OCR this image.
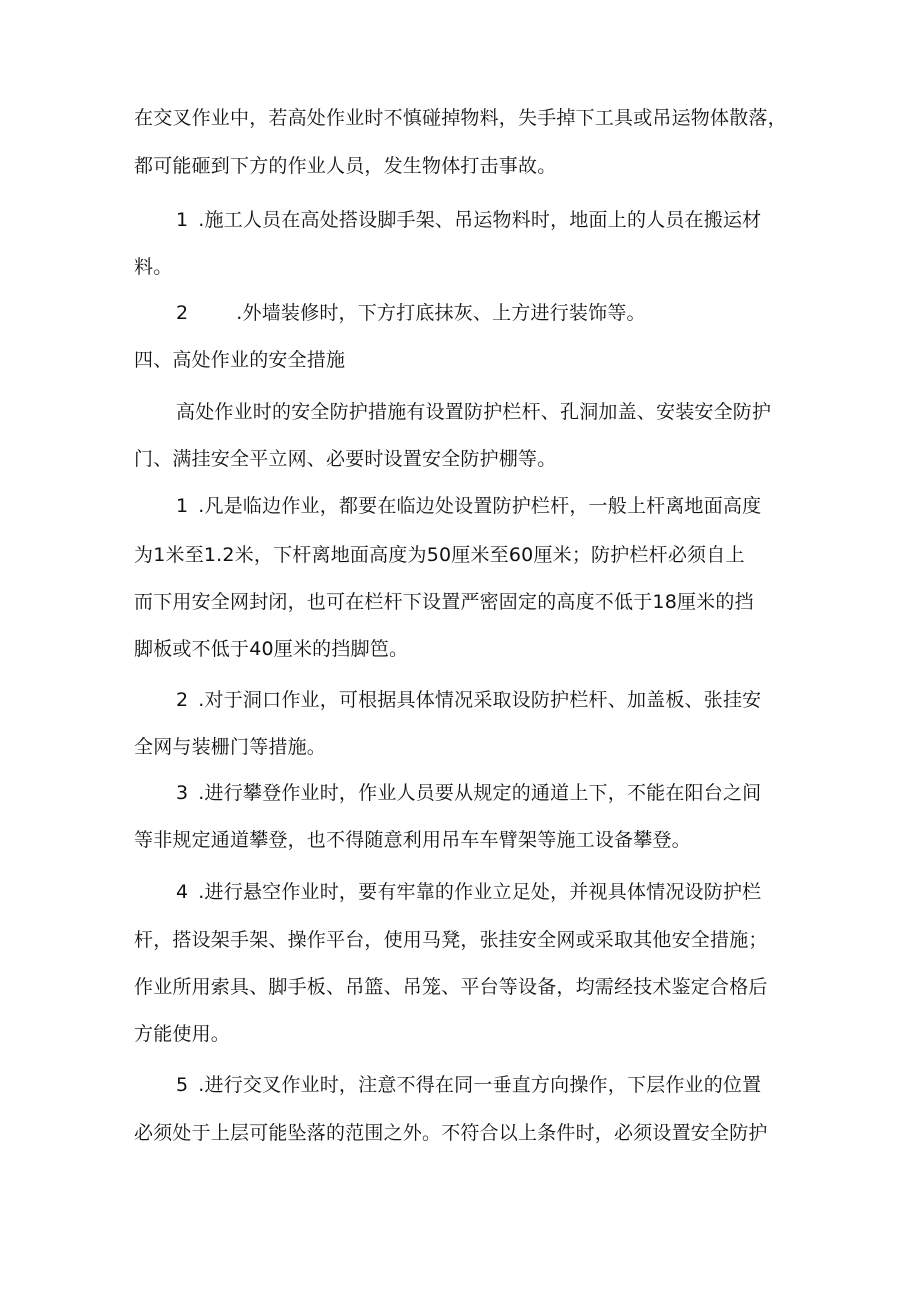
在交叉作业中，若高处作业时不慎碰掉物料，失手掉下工具或吊运物体散落，
都可能砸到下方的作业人员，发生物体打击事故。
1 .施工人员在高处搭设脚手架、吊运物料时，地面上的人员在搬运材
料。
2	.外墙装修时，下方打底抹灰、上方进行装饰等。
四、高处作业的安全措施
高处作业时的安全防护措施有设置防护栏杆、孔洞加盖、安装安全防护
门、满挂安全平立网、必要时设置安全防护棚等。
1 .凡是临边作业，都要在临边处设置防护栏杆，一般上杆离地面高度
为1米至1.2米，下杆离地面高度为50厘米至60厘米；防护栏杆必须自上
而下用安全网封闭，也可在栏杆下设置严密固定的高度不低于18厘米的挡
脚板或不低于40厘米的挡脚笆。
2 .对于洞口作业，可根据具体情况采取设防护栏杆、加盖板、张挂安
全网与装栅门等措施。
3 .进行攀登作业时，作业人员要从规定的通道上下，不能在阳台之间
等非规定通道攀登，也不得随意利用吊车车臂架等施工设备攀登。
4 .进行悬空作业时，要有牢靠的作业立足处，并视具体情况设防护栏
杆，搭设架手架、操作平台，使用马凳，张挂安全网或采取其他安全措施；
作业所用索具、脚手板、吊篮、吊笼、平台等设备，均需经技术鉴定合格后
方能使用。
5 .进行交叉作业时，注意不得在同一垂直方向操作，下层作业的位置
必须处于上层可能坠落的范围之外。不符合以上条件时，必须设置安全防护
